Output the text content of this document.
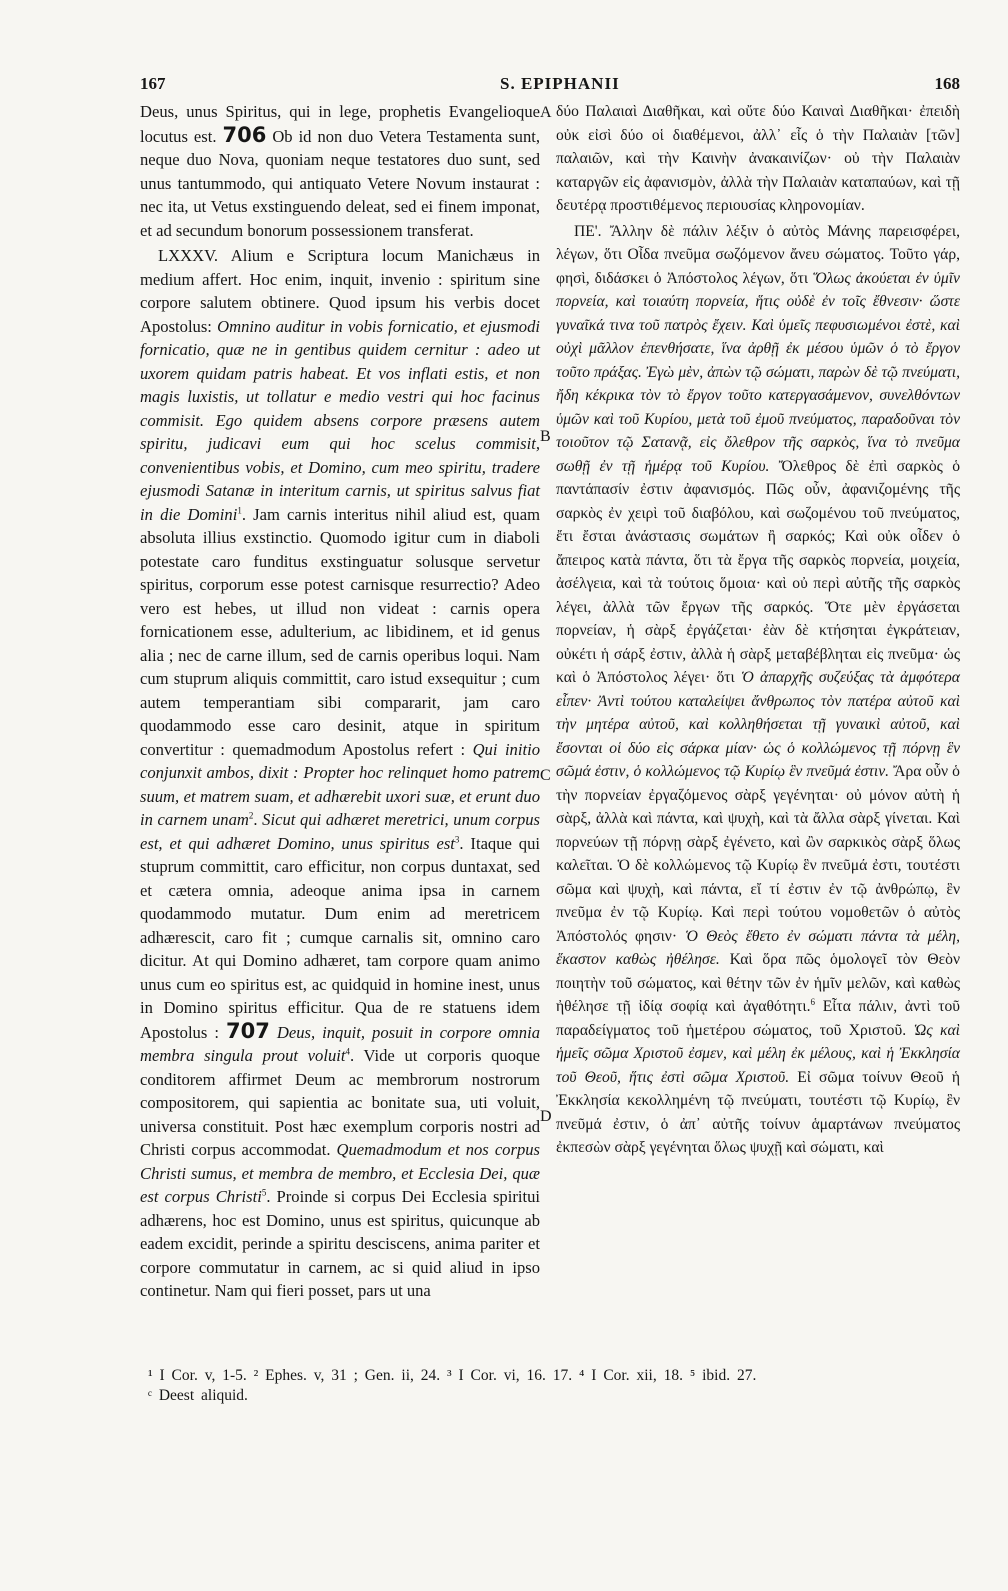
167	S. EPIPHANII	168
A
B
C
D

Deus, unus Spiritus, qui in lege, prophetis Evangelioque locutus est. 706 Ob id non duo Vetera Testamenta sunt, neque duo Nova, quoniam neque testatores duo sunt, sed unus tantummodo, qui antiquato Vetere Novum instaurat : nec ita, ut Vetus exstinguendo deleat, sed ei finem imponat, et ad secundum bonorum possessionem transferat.

LXXXV. Alium e Scriptura locum Manichæus in medium affert. Hoc enim, inquit, invenio : spiritum sine corpore salutem obtinere. Quod ipsum his verbis docet Apostolus: Omnino auditur in vobis fornicatio, et ejusmodi fornicatio, quæ ne in gentibus quidem cernitur : adeo ut uxorem quidam patris habeat. Et vos inflati estis, et non magis luxistis, ut tollatur e medio vestri qui hoc facinus commisit. Ego quidem absens corpore præsens autem spiritu, judicavi eum qui hoc scelus commisit, convenientibus vobis, et Domino, cum meo spiritu, tradere ejusmodi Satanæ in interitum carnis, ut spiritus salvus fiat in die Domini$^1$. Jam carnis interitus nihil aliud est, quam absoluta illius exstinctio. Quomodo igitur cum in diaboli potestate caro funditus exstinguatur solusque servetur spiritus, corporum esse potest carnisque resurrectio? Adeo vero est hebes, ut illud non videat : carnis opera fornicationem esse, adulterium, ac libidinem, et id genus alia ; nec de carne illum, sed de carnis operibus loqui. Nam cum stuprum aliquis committit, caro istud exsequitur ; cum autem temperantiam sibi compararit, jam caro quodammodo esse caro desinit, atque in spiritum convertitur : quemadmodum Apostolus refert : Qui initio conjunxit ambos, dixit : Propter hoc relinquet homo patrem suum, et matrem suam, et adhærebit uxori suæ, et erunt duo in carnem unam$^2$. Sicut qui adhæret meretrici, unum corpus est, et qui adhæret Domino, unus spiritus est$^3$. Itaque qui stuprum committit, caro efficitur, non corpus duntaxat, sed et cætera omnia, adeoque anima ipsa in carnem quodammodo mutatur. Dum enim ad meretricem adhærescit, caro fit ; cumque carnalis sit, omnino caro dicitur. At qui Domino adhæret, tam corpore quam animo unus cum eo spiritus est, ac quidquid in homine inest, unus in Domino spiritus efficitur. Qua de re statuens idem Apostolus : 707 Deus, inquit, posuit in corpore omnia membra singula prout voluit$^4$. Vide ut corporis quoque conditorem affirmet Deum ac membrorum nostrorum compositorem, qui sapientia ac bonitate sua, uti voluit, universa constituit. Post hæc exemplum corporis nostri ad Christi corpus accommodat. Quemadmodum et nos corpus Christi sumus, et membra de membro, et Ecclesia Dei, quæ est corpus Christi$^5$. Proinde si corpus Dei Ecclesia spiritui adhærens, hoc est Domino, unus est spiritus, quicunque ab eadem excidit, perinde a spiritu desciscens, anima pariter et corpore commutatur in carnem, ac si quid aliud in ipso continetur. Nam qui fieri posset, pars ut una

δύο Παλαιαὶ Διαθῆκαι, καὶ οὔτε δύο Καιναὶ Διαθῆκαι· ἐπειδὴ οὐκ εἰσὶ δύο οἱ διαθέμενοι, ἀλλ᾽ εἷς ὁ τὴν Παλαιὰν [τῶν] παλαιῶν, καὶ τὴν Καινὴν ἀνακαινίζων· οὐ τὴν Παλαιὰν καταργῶν εἰς ἀφανισμὸν, ἀλλὰ τὴν Παλαιὰν καταπαύων, καὶ τῇ δευτέρᾳ προστιθέμενος περιουσίας κληρονομίαν.

ΠΕ'. Ἄλλην δὲ πάλιν λέξιν ὁ αὐτὸς Μάνης παρεισφέρει, λέγων, ὅτι Οἶδα πνεῦμα σωζόμενον ἄνευ σώματος. Τοῦτο γάρ, φησὶ, διδάσκει ὁ Ἀπόστολος λέγων, ὅτι Ὅλως ἀκούεται ἐν ὑμῖν πορνεία, καὶ τοιαύτη πορνεία, ἥτις οὐδὲ ἐν τοῖς ἔθνεσιν· ὥστε γυναῖκά τινα τοῦ πατρὸς ἔχειν. Καὶ ὑμεῖς πεφυσιωμένοι ἐστὲ, καὶ οὐχὶ μᾶλλον ἐπενθήσατε, ἵνα ἀρθῇ ἐκ μέσου ὑμῶν ὁ τὸ ἔργον τοῦτο πράξας. Ἐγὼ μὲν, ἀπὼν τῷ σώματι, παρὼν δὲ τῷ πνεύματι, ἤδη κέκρικα τὸν τὸ ἔργον τοῦτο κατεργασάμενον, συνελθόντων ὑμῶν καὶ τοῦ Κυρίου, μετὰ τοῦ ἐμοῦ πνεύματος, παραδοῦναι τὸν τοιοῦτον τῷ Σατανᾷ, εἰς ὄλεθρον τῆς σαρκὸς, ἵνα τὸ πνεῦμα σωθῇ ἐν τῇ ἡμέρᾳ τοῦ Κυρίου. Ὄλεθρος δὲ ἐπὶ σαρκὸς ὁ παντάπασίν ἐστιν ἀφανισμός. Πῶς οὖν, ἀφανιζομένης τῆς σαρκὸς ἐν χειρὶ τοῦ διαβόλου, καὶ σωζομένου τοῦ πνεύματος, ἔτι ἔσται ἀνάστασις σωμάτων ἢ σαρκός; Καὶ οὐκ οἶδεν ὁ ἄπειρος κατὰ πάντα, ὅτι τὰ ἔργα τῆς σαρκὸς πορνεία, μοιχεία, ἀσέλγεια, καὶ τὰ τούτοις ὅμοια· καὶ οὐ περὶ αὐτῆς τῆς σαρκὸς λέγει, ἀλλὰ τῶν ἔργων τῆς σαρκός. Ὅτε μὲν ἐργάσεται πορνείαν, ἡ σὰρξ ἐργάζεται· ἐὰν δὲ κτήσηται ἐγκράτειαν, οὐκέτι ἡ σάρξ ἐστιν, ἀλλὰ ἡ σὰρξ μεταβέβληται εἰς πνεῦμα· ὡς καὶ ὁ Ἀπόστολος λέγει· ὅτι Ὁ ἀπαρχῆς συζεύξας τὰ ἀμφότερα εἶπεν· Ἀντὶ τούτου καταλείψει ἄνθρωπος τὸν πατέρα αὐτοῦ καὶ τὴν μητέρα αὐτοῦ, καὶ κολληθήσεται τῇ γυναικὶ αὐτοῦ, καὶ ἔσονται οἱ δύο εἰς σάρκα μίαν· ὡς ὁ κολλώμενος τῇ πόρνῃ ἓν σῶμά ἐστιν, ὁ κολλώμενος τῷ Κυρίῳ ἓν πνεῦμά ἐστιν. Ἄρα οὖν ὁ τὴν πορνείαν ἐργαζόμενος σὰρξ γεγένηται· οὐ μόνον αὐτὴ ἡ σὰρξ, ἀλλὰ καὶ πάντα, καὶ ψυχὴ, καὶ τὰ ἄλλα σὰρξ γίνεται. Καὶ πορνεύων τῇ πόρνῃ σὰρξ ἐγένετο, καὶ ὢν σαρκικὸς σὰρξ ὅλως καλεῖται. Ὁ δὲ κολλώμενος τῷ Κυρίῳ ἓν πνεῦμά ἐστι, τουτέστι σῶμα καὶ ψυχὴ, καὶ πάντα, εἴ τί ἐστιν ἐν τῷ ἀνθρώπῳ, ἓν πνεῦμα ἐν τῷ Κυρίῳ. Καὶ περὶ τούτου νομοθετῶν ὁ αὐτὸς Ἀπόστολός φησιν· Ὁ Θεὸς ἔθετο ἐν σώματι πάντα τὰ μέλη, ἕκαστον καθὼς ἠθέλησε. Καὶ ὅρα πῶς ὁμολογεῖ τὸν Θεὸν ποιητὴν τοῦ σώματος, καὶ θέτην τῶν ἐν ἡμῖν μελῶν, καὶ καθὼς ἠθέλησε τῇ ἰδίᾳ σοφίᾳ καὶ ἀγαθότητι.$^6$ Εἶτα πάλιν, ἀντὶ τοῦ παραδείγματος τοῦ ἡμετέρου σώματος, τοῦ Χριστοῦ. Ὡς καὶ ἡμεῖς σῶμα Χριστοῦ ἐσμεν, καὶ μέλη ἐκ μέλους, καὶ ἡ Ἐκκλησία τοῦ Θεοῦ, ἥτις ἐστὶ σῶμα Χριστοῦ. Εἰ σῶμα τοίνυν Θεοῦ ἡ Ἐκκλησία κεκολλημένη τῷ πνεύματι, τουτέστι τῷ Κυρίῳ, ἓν πνεῦμά ἐστιν, ὁ ἀπ᾽ αὐτῆς τοίνυν ἁμαρτάνων πνεύματος ἐκπεσὼν σὰρξ γεγένηται ὅλως ψυχῇ καὶ σώματι, καὶ

¹ I Cor. v, 1-5. ² Ephes. v, 31 ; Gen. ii, 24. ³ I Cor. vi, 16. 17. ⁴ I Cor. xii, 18. ⁵ ibid. 27.
ᶜ Deest aliquid.
